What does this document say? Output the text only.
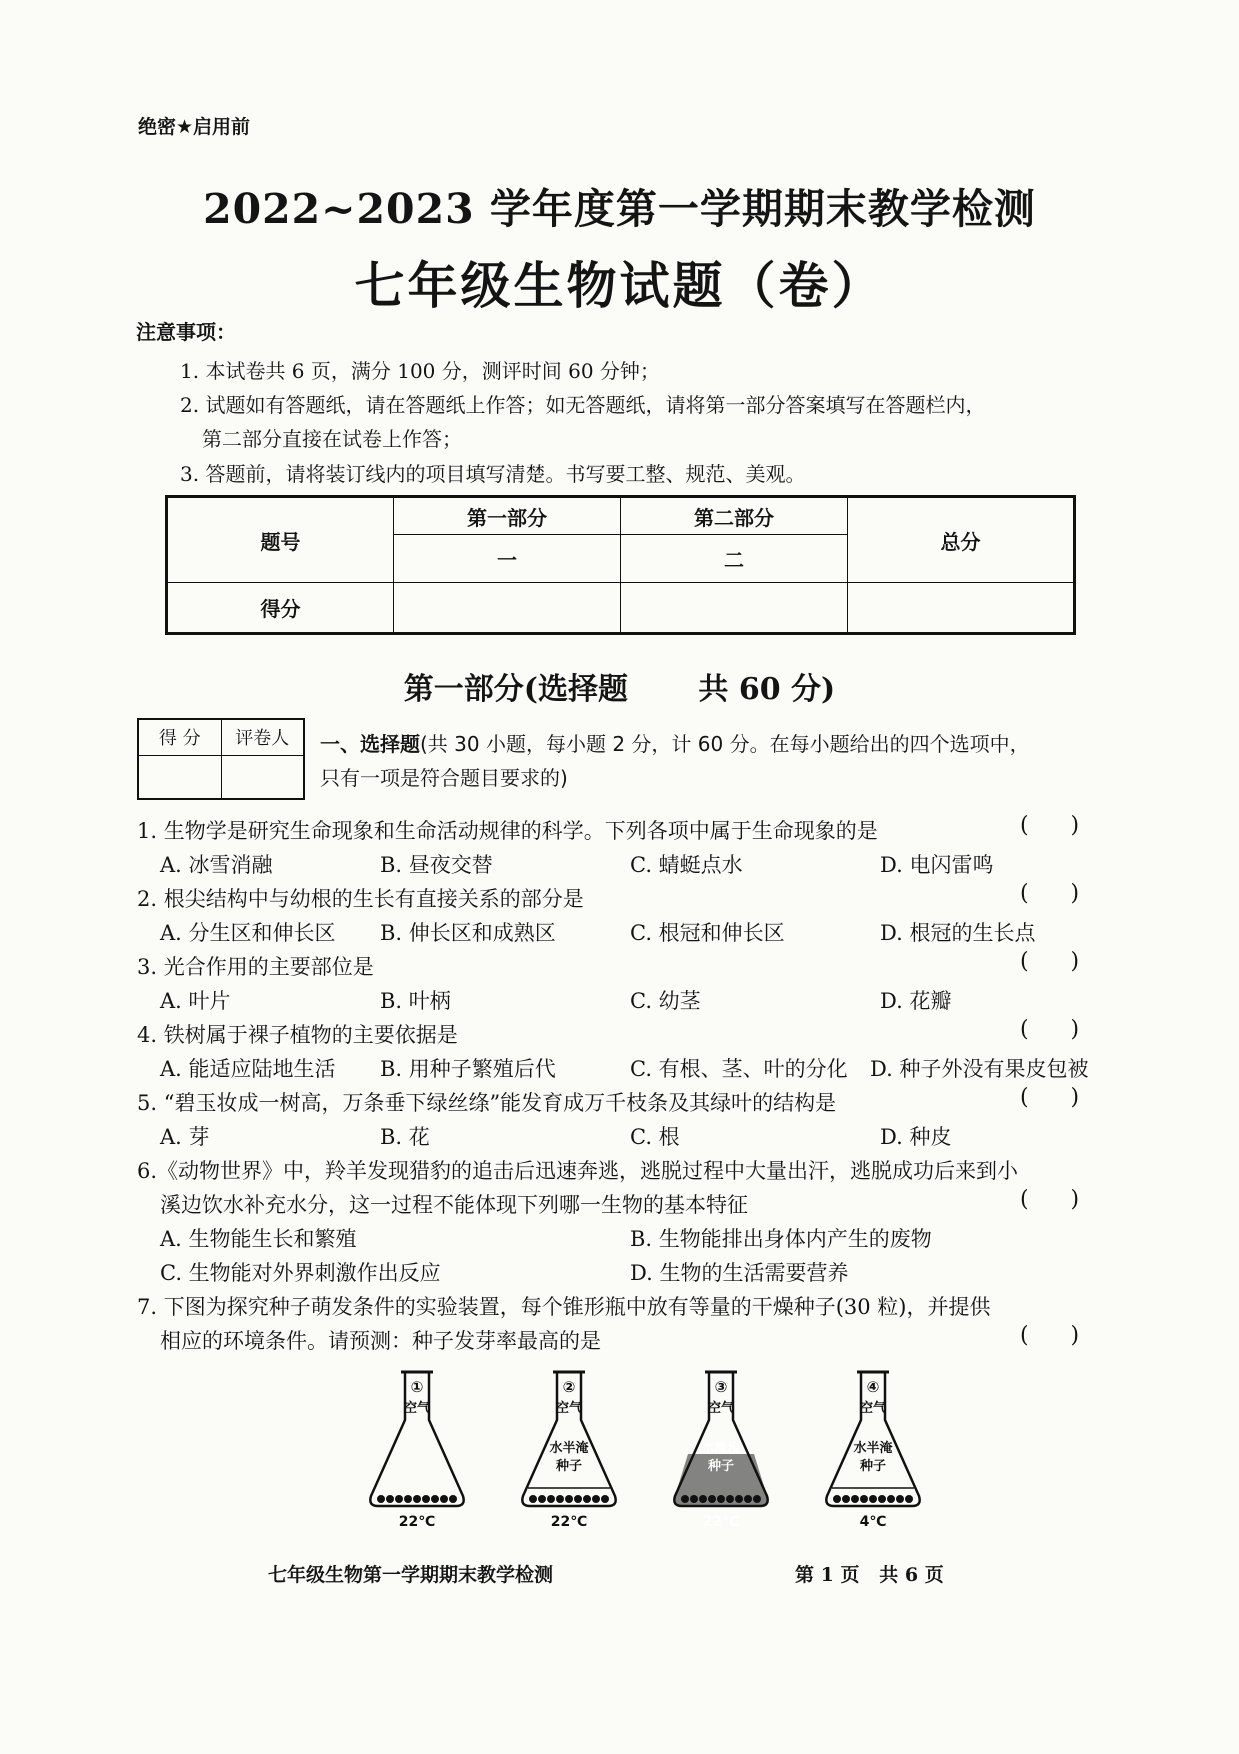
绝密★启用前
2022~2023 学年度第一学期期末教学检测
七年级生物试题（卷）
注意事项：
1. 本试卷共 6 页，满分 100 分，测评时间 60 分钟；
2. 试题如有答题纸，请在答题纸上作答；如无答题纸，请将第一部分答案填写在答题栏内，
第二部分直接在试卷上作答；
3. 答题前，请将装订线内的项目填写清楚。书写要工整、规范、美观。
题号	第一部分	第二部分	总分
	一	二	
得分			
第一部分(选择题 共 60 分)
得 分	评卷人
	一、选择题(共 30 小题，每小题 2 分，计 60 分。在每小题给出的四个选项中，
只有一项是符合题目要求的)
1. 生物学是研究生命现象和生命活动规律的科学。下列各项中属于生命现象的是	(      )
A. 冰雪消融	B. 昼夜交替	C. 蜻蜓点水	D. 电闪雷鸣
2. 根尖结构中与幼根的生长有直接关系的部分是	(      )
A. 分生区和伸长区 B. 伸长区和成熟区	C. 根冠和伸长区	D. 根冠的生长点
3. 光合作用的主要部位是	(      )
A. 叶片	B. 叶柄	C. 幼茎	D. 花瓣
4. 铁树属于裸子植物的主要依据是	(      )
A. 能适应陆地生活 B. 用种子繁殖后代	C. 有根、茎、叶的分化 D. 种子外没有果皮包被
5. “碧玉妆成一树高，万条垂下绿丝绦”能发育成万千枝条及其绿叶的结构是	(      )
A. 芽	B. 花	C. 根	D. 种皮
6.《动物世界》中，羚羊发现猎豹的追击后迅速奔逃，逃脱过程中大量出汗，逃脱成功后来到小
溪边饮水补充水分，这一过程不能体现下列哪一生物的基本特征	(      )
A. 生物能生长和繁殖	B. 生物能排出身体内产生的废物
C. 生物能对外界刺激作出反应	D. 生物的生活需要营养
7. 下图为探究种子萌发条件的实验装置，每个锥形瓶中放有等量的干燥种子(30 粒)，并提供
相应的环境条件。请预测：种子发芽率最高的是	(      )
①
空气
22℃
②
空气
水半淹
种子
22℃
③
空气
水淹没
种子
22℃
④
空气
水半淹
种子
4℃
七年级生物第一学期期末教学检测	第 1 页   共 6 页
